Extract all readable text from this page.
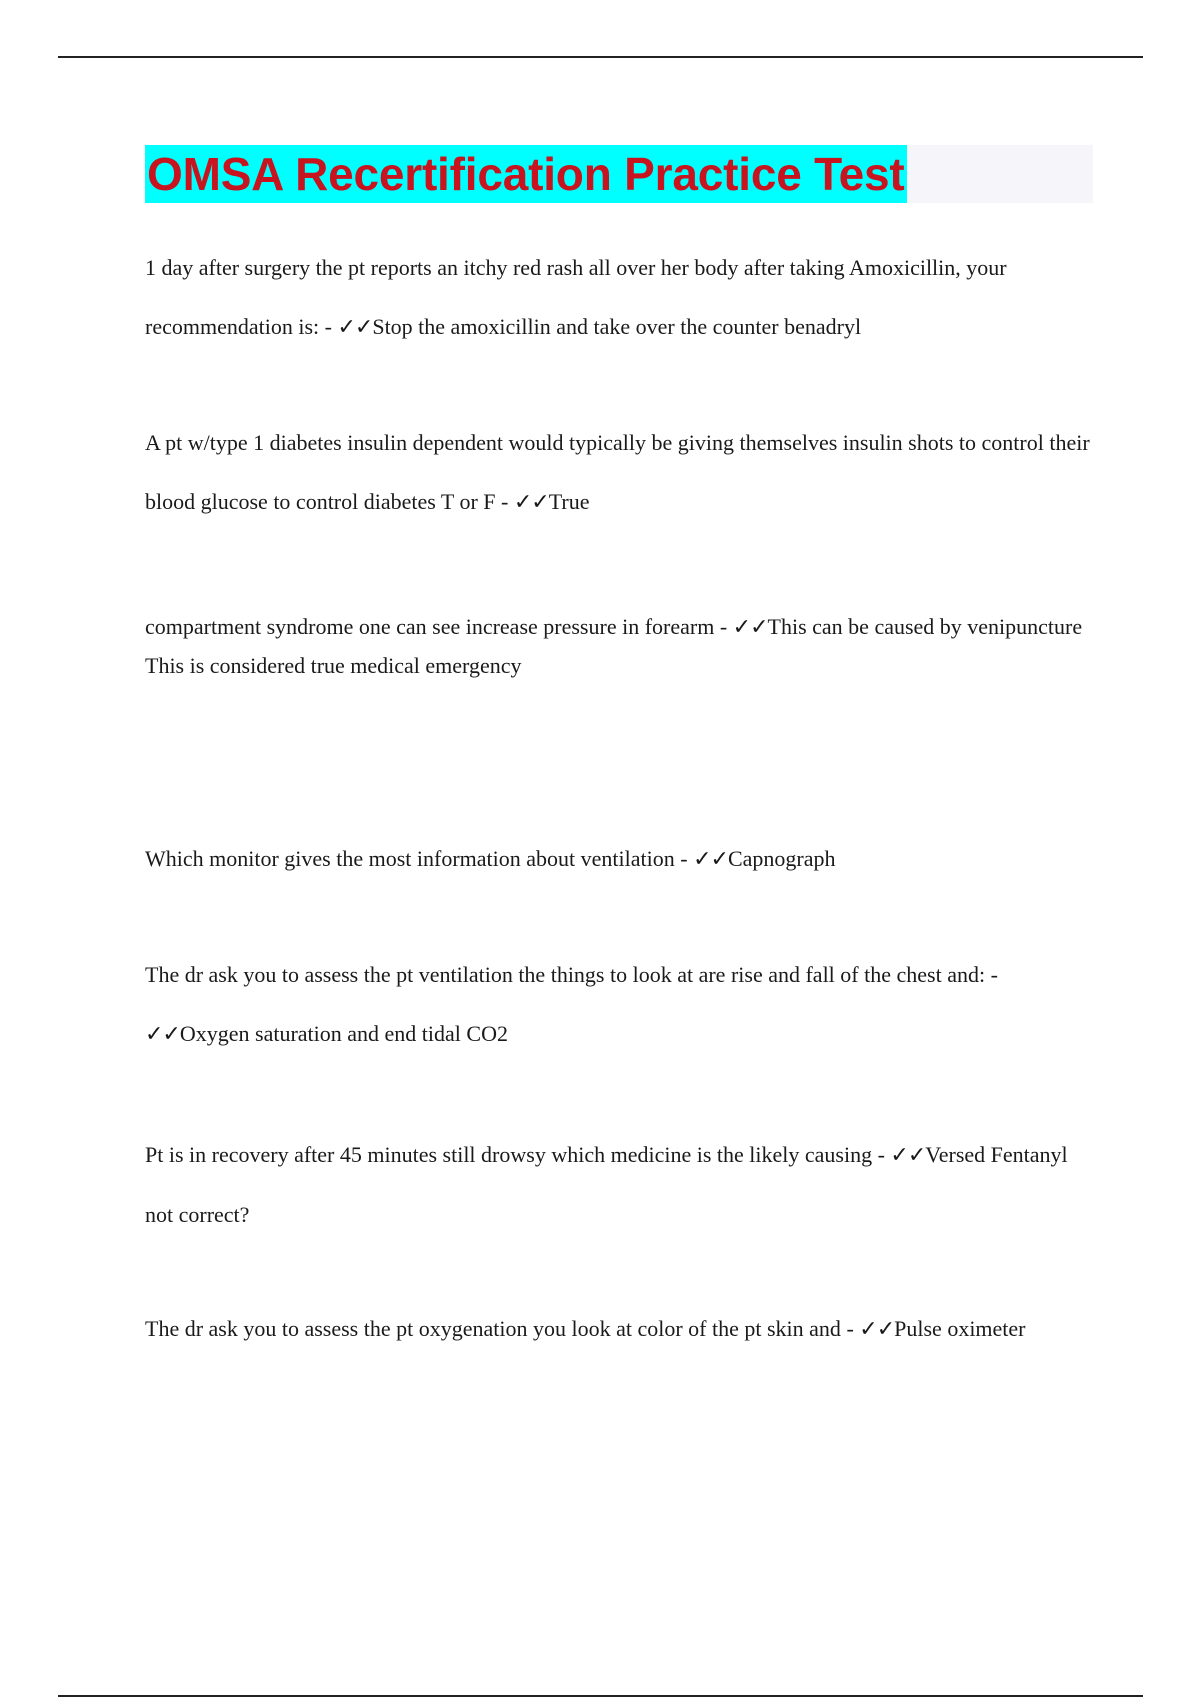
OMSA Recertification Practice Test
1 day after surgery the pt reports an itchy red rash all over her body after taking Amoxicillin, your recommendation is: - ✓✓Stop the amoxicillin and take over the counter benadryl
A pt w/type 1 diabetes insulin dependent would typically be giving themselves insulin shots to control their blood glucose to control diabetes T or F - ✓✓True
compartment syndrome one can see increase pressure in forearm - ✓✓This can be caused by venipuncture
This is considered true medical emergency
Which monitor gives the most information about ventilation - ✓✓Capnograph
The dr ask you to assess the pt ventilation the things to look at are rise and fall of the chest and: - ✓✓Oxygen saturation and end tidal CO2
Pt is in recovery after 45 minutes still drowsy which medicine is the likely causing - ✓✓Versed Fentanyl not correct?
The dr ask you to assess the pt oxygenation you look at color of the pt skin and - ✓✓Pulse oximeter
